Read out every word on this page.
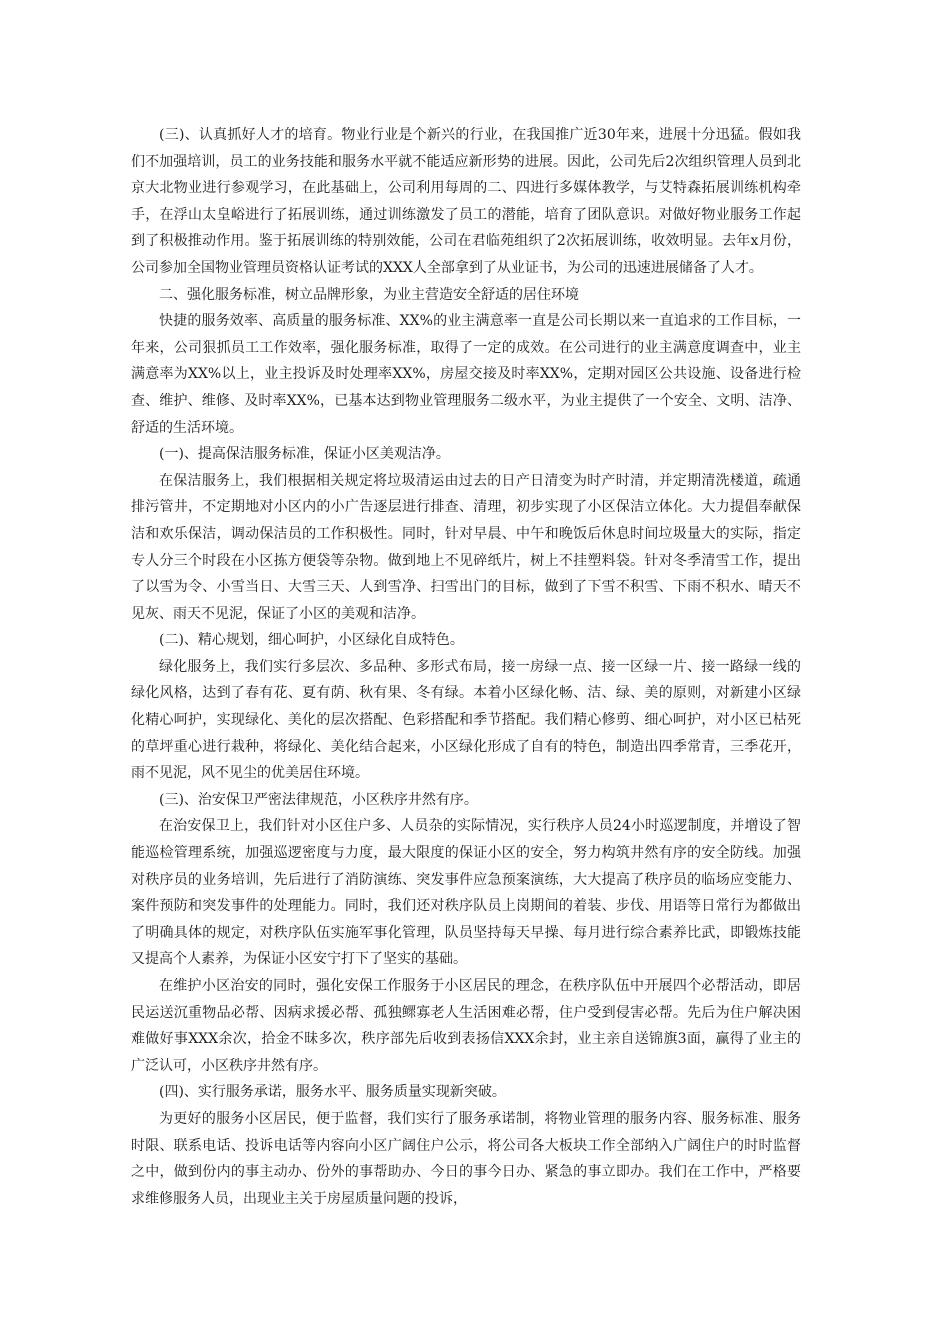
(三)、认真抓好人才的培育。物业行业是个新兴的行业，在我国推广近30年来，进展十分迅猛。假如我们不加强培训，员工的业务技能和服务水平就不能适应新形势的进展。因此，公司先后2次组织管理人员到北京大北物业进行参观学习，在此基础上，公司利用每周的二、四进行多媒体教学，与艾特森拓展训练机构牵手，在浮山太皇峪进行了拓展训练，通过训练激发了员工的潜能，培育了团队意识。对做好物业服务工作起到了积极推动作用。鉴于拓展训练的特别效能，公司在君临苑组织了2次拓展训练，收效明显。去年x月份，公司参加全国物业管理员资格认证考试的XXX人全部拿到了从业证书，为公司的迅速进展储备了人才。

二、强化服务标准，树立品牌形象，为业主营造安全舒适的居住环境

快捷的服务效率、高质量的服务标准、XX%的业主满意率一直是公司长期以来一直追求的工作目标，一年来，公司狠抓员工工作效率，强化服务标准，取得了一定的成效。在公司进行的业主满意度调查中，业主满意率为XX%以上，业主投诉及时处理率XX%，房屋交接及时率XX%，定期对园区公共设施、设备进行检查、维护、维修、及时率XX%，已基本达到物业管理服务二级水平，为业主提供了一个安全、文明、洁净、舒适的生活环境。

(一)、提高保洁服务标准，保证小区美观洁净。

在保洁服务上，我们根据相关规定将垃圾清运由过去的日产日清变为时产时清，并定期清洗楼道，疏通排污管井，不定期地对小区内的小广告逐层进行排查、清理，初步实现了小区保洁立体化。大力提倡奉献保洁和欢乐保洁，调动保洁员的工作积极性。同时，针对早晨、中午和晚饭后休息时间垃圾量大的实际，指定专人分三个时段在小区拣方便袋等杂物。做到地上不见碎纸片，树上不挂塑料袋。针对冬季清雪工作，提出了以雪为令、小雪当日、大雪三天、人到雪净、扫雪出门的目标，做到了下雪不积雪、下雨不积水、晴天不见灰、雨天不见泥，保证了小区的美观和洁净。

(二)、精心规划，细心呵护，小区绿化自成特色。

绿化服务上，我们实行多层次、多品种、多形式布局，接一房绿一点、接一区绿一片、接一路绿一线的绿化风格，达到了春有花、夏有荫、秋有果、冬有绿。本着小区绿化畅、洁、绿、美的原则，对新建小区绿化精心呵护，实现绿化、美化的层次搭配、色彩搭配和季节搭配。我们精心修剪、细心呵护，对小区已枯死的草坪重心进行栽种，将绿化、美化结合起来，小区绿化形成了自有的特色，制造出四季常青，三季花开，雨不见泥，风不见尘的优美居住环境。

(三)、治安保卫严密法律规范，小区秩序井然有序。

在治安保卫上，我们针对小区住户多、人员杂的实际情况，实行秩序人员24小时巡逻制度，并增设了智能巡检管理系统，加强巡逻密度与力度，最大限度的保证小区的安全，努力构筑井然有序的安全防线。加强对秩序员的业务培训，先后进行了消防演练、突发事件应急预案演练，大大提高了秩序员的临场应变能力、案件预防和突发事件的处理能力。同时，我们还对秩序队员上岗期间的着装、步伐、用语等日常行为都做出了明确具体的规定，对秩序队伍实施军事化管理，队员坚持每天早操、每月进行综合素养比武，即锻炼技能又提高个人素养，为保证小区安宁打下了坚实的基础。

在维护小区治安的同时，强化安保工作服务于小区居民的理念，在秩序队伍中开展四个必帮活动，即居民运送沉重物品必帮、因病求援必帮、孤独鳏寡老人生活困难必帮，住户受到侵害必帮。先后为住户解决困难做好事XXX余次，拾金不昧多次，秩序部先后收到表扬信XXX余封，业主亲自送锦旗3面，赢得了业主的广泛认可，小区秩序井然有序。

(四)、实行服务承诺，服务水平、服务质量实现新突破。

为更好的服务小区居民，便于监督，我们实行了服务承诺制，将物业管理的服务内容、服务标准、服务时限、联系电话、投诉电话等内容向小区广阔住户公示，将公司各大板块工作全部纳入广阔住户的时时监督之中，做到份内的事主动办、份外的事帮助办、今日的事今日办、紧急的事立即办。我们在工作中，严格要求维修服务人员，出现业主关于房屋质量问题的投诉，
